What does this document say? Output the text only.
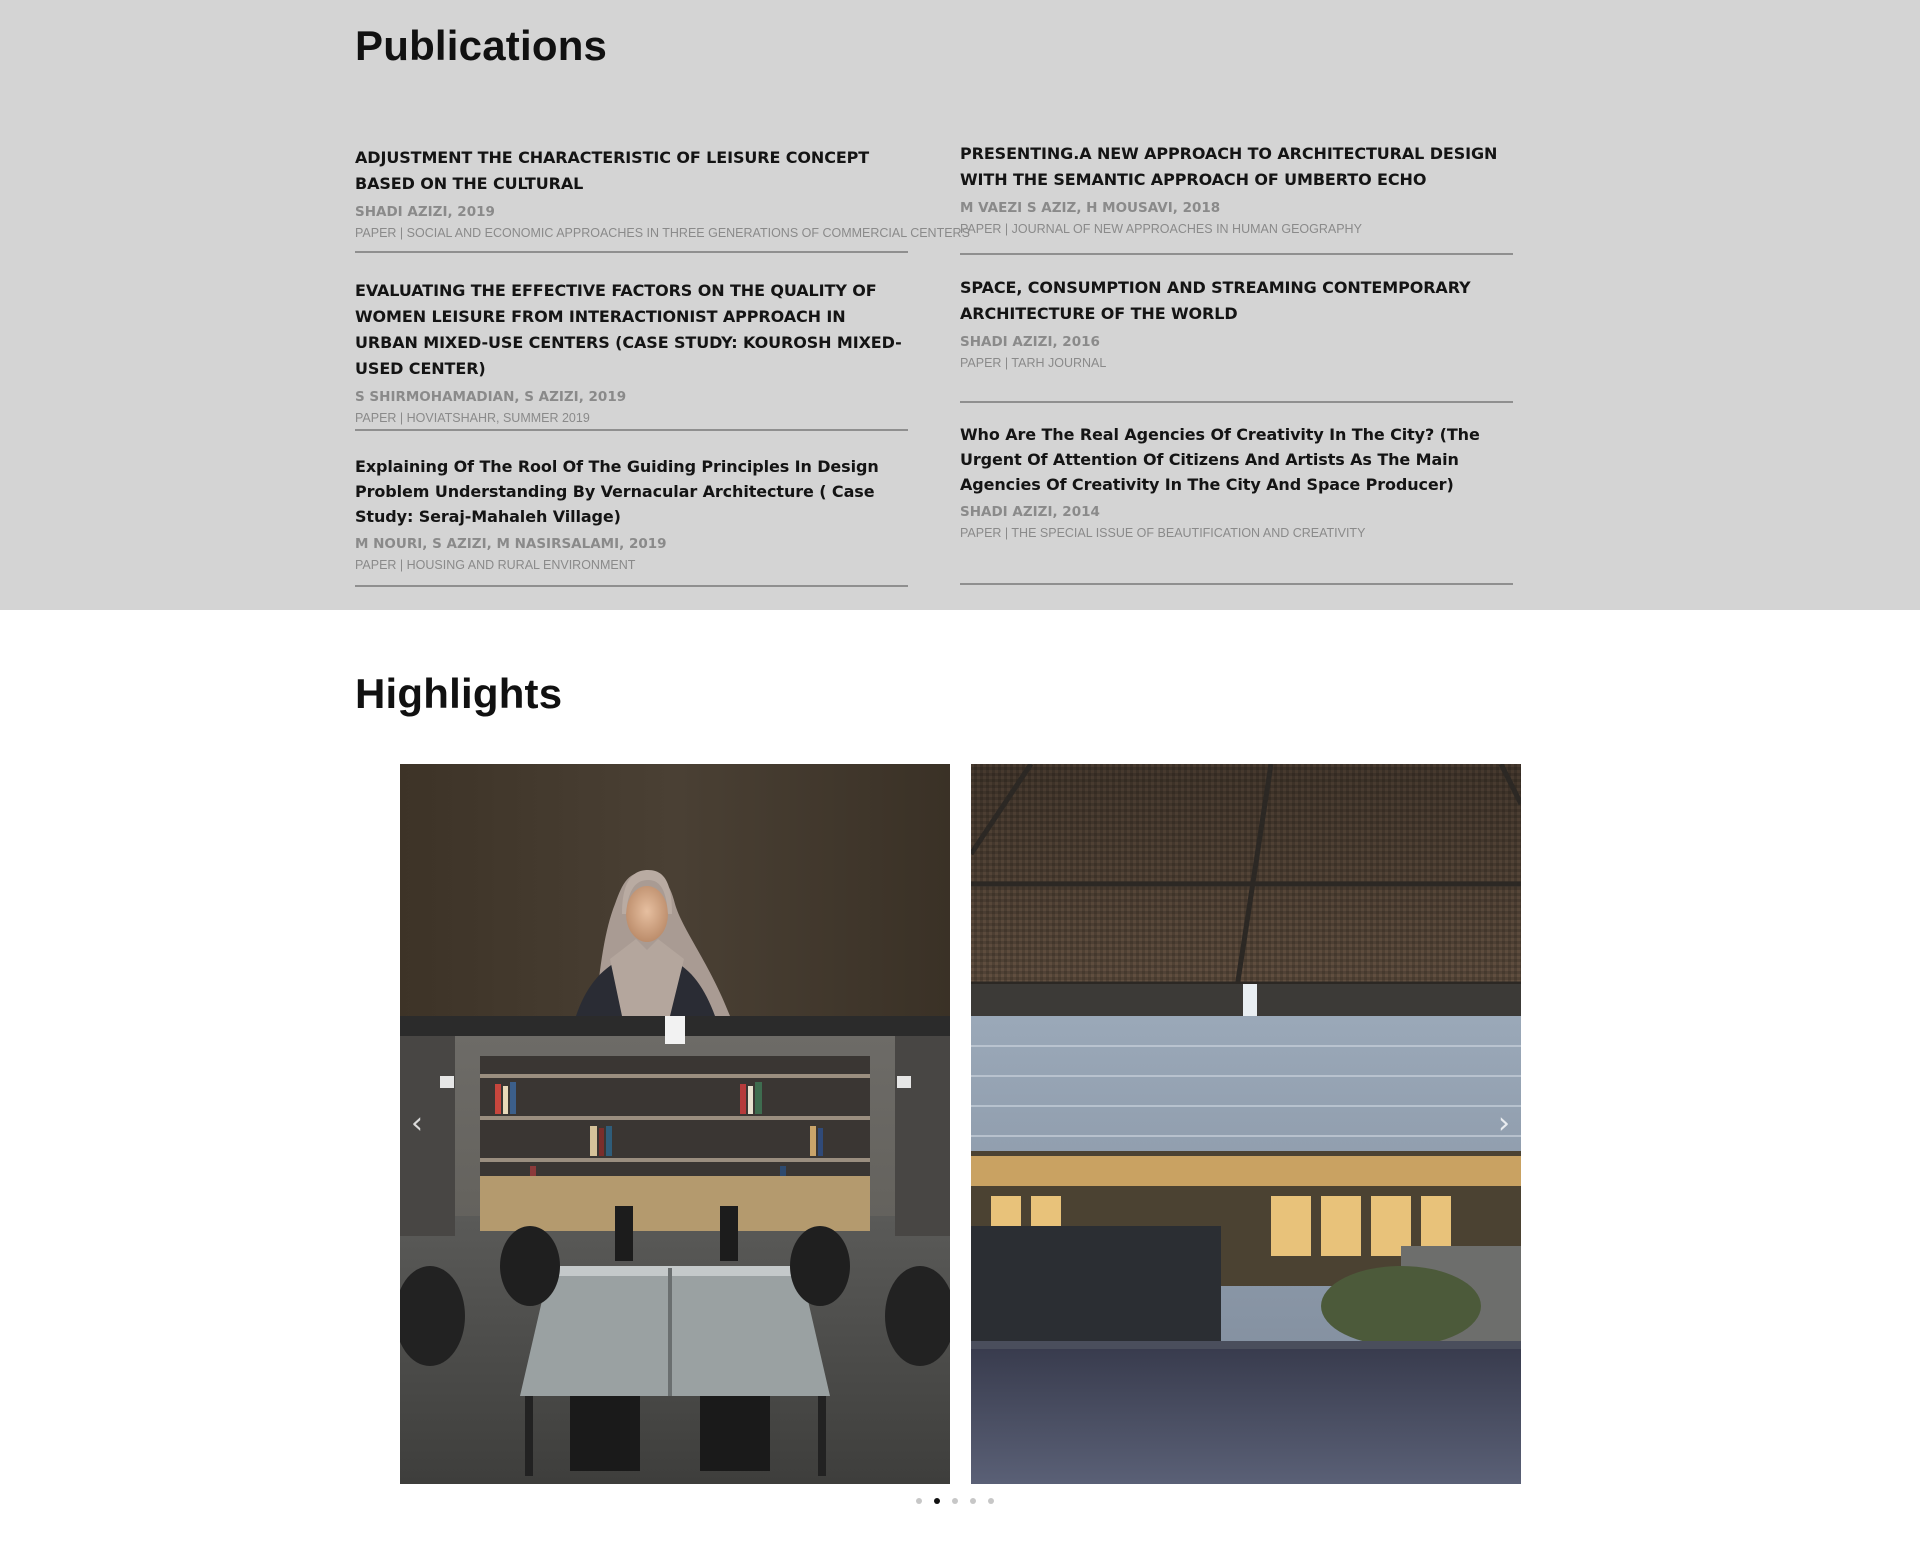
Publications
ADJUSTMENT THE CHARACTERISTIC OF LEISURE CONCEPT BASED ON THE CULTURAL
SHADI AZIZI, 2019
PAPER | SOCIAL AND ECONOMIC APPROACHES IN THREE GENERATIONS OF COMMERCIAL CENTERS
EVALUATING THE EFFECTIVE FACTORS ON THE QUALITY OF WOMEN LEISURE FROM INTERACTIONIST APPROACH IN URBAN MIXED-USE CENTERS (CASE STUDY: KOUROSH MIXED-USED CENTER)
S SHIRMOHAMADIAN, S AZIZI, 2019
PAPER | HOVIATSHAHR, SUMMER 2019
Explaining Of The Rool Of The Guiding Principles In Design Problem Understanding By Vernacular Architecture ( Case Study: Seraj-Mahaleh Village)
M NOURI, S AZIZI, M NASIRSALAMI, 2019
PAPER | HOUSING AND RURAL ENVIRONMENT
PRESENTING.A NEW APPROACH TO ARCHITECTURAL DESIGN WITH THE SEMANTIC APPROACH OF UMBERTO ECHO
M VAEZI S AZIZ, H MOUSAVI, 2018
PAPER | JOURNAL OF NEW APPROACHES IN HUMAN GEOGRAPHY
SPACE, CONSUMPTION AND STREAMING CONTEMPORARY ARCHITECTURE OF THE WORLD
SHADI AZIZI, 2016
PAPER | TARH JOURNAL
Who Are The Real Agencies Of Creativity In The City? (The Urgent Of Attention Of Citizens And Artists As The Main Agencies Of Creativity In The City And Space Producer)
SHADI AZIZI, 2014
PAPER | THE SPECIAL ISSUE OF BEAUTIFICATION AND CREATIVITY
Highlights
‹	›
